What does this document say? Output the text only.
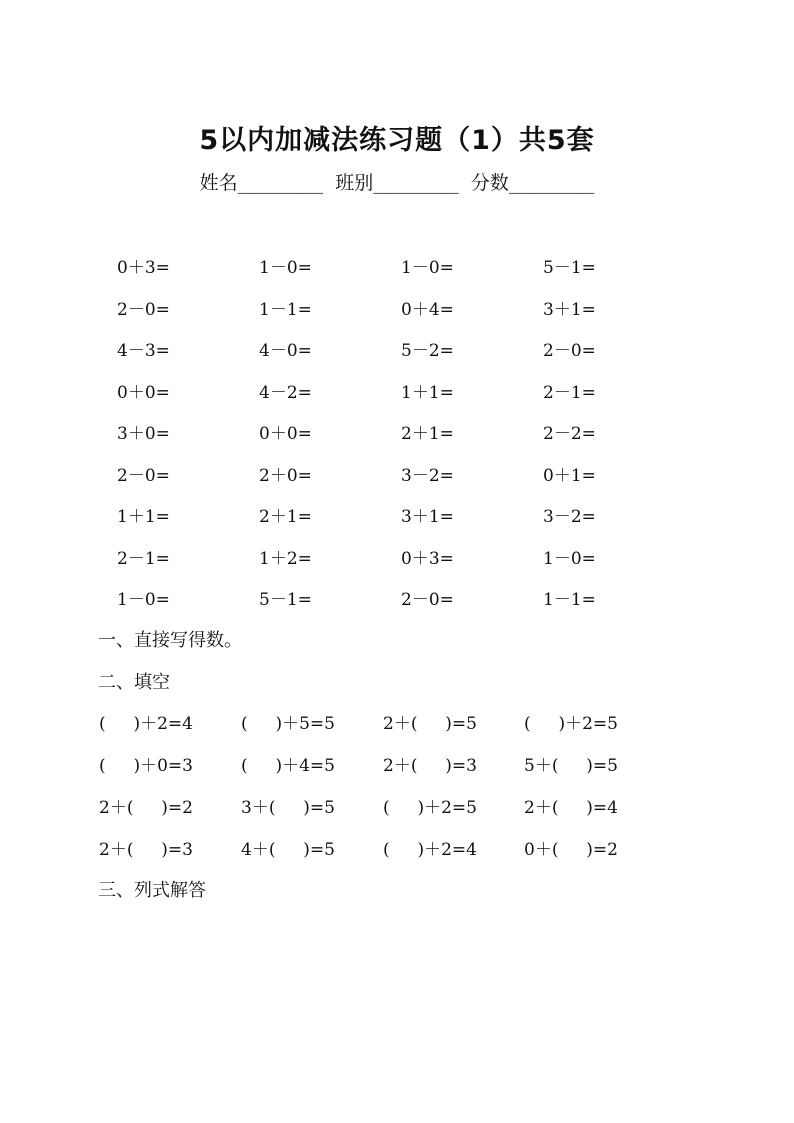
5以内加减法练习题（1）共5套
姓名_________  班别_________  分数_________
0＋3=	1－0=	1－0=	5－1=
2－0=	1－1=	0＋4=	3＋1=
4－3=	4－0=	5－2=	2－0=
0＋0=	4－2=	1＋1=	2－1=
3＋0=	0＋0=	2＋1=	2－2=
2－0=	2＋0=	3－2=	0＋1=
1＋1=	2＋1=	3＋1=	3－2=
2－1=	1＋2=	0＋3=	1－0=
1－0=	5－1=	2－0=	1－1=
一、直接写得数。
二、填空
(　  )＋2=4	(　  )＋5=5	2＋(　  )=5	(　  )＋2=5
(　  )＋0=3	(　  )＋4=5	2＋(　  )=3	5＋(　  )=5
2＋(　  )=2	3＋(　  )=5	(　  )＋2=5	2＋(　  )=4
2＋(　  )=3	4＋(　  )=5	(　  )＋2=4	0＋(　  )=2
三、列式解答
